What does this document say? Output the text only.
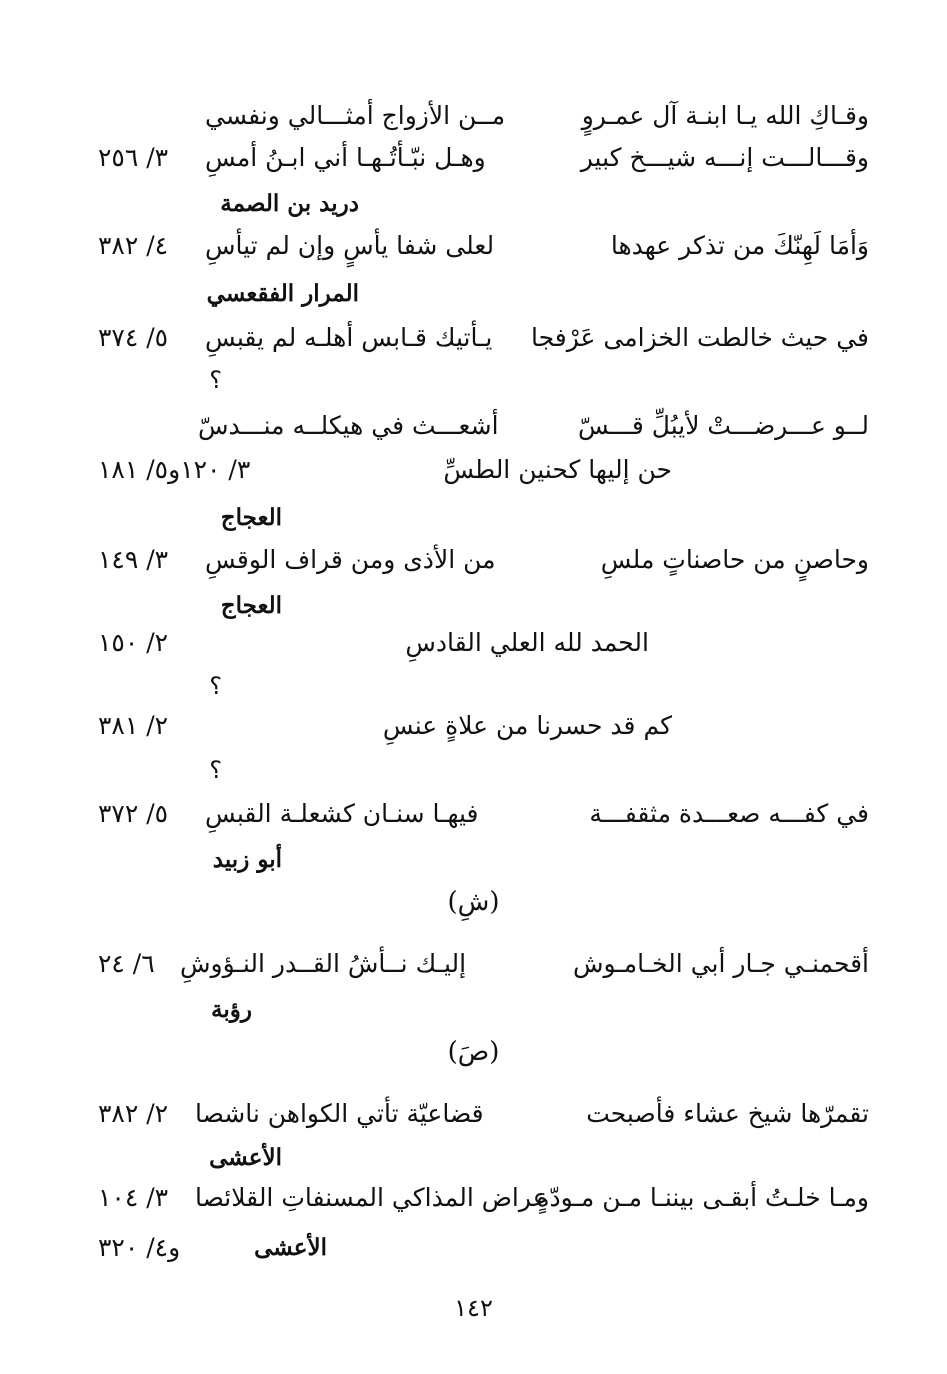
وقـاكِ الله يـا ابنـة آل عمـروٍ
مــن الأزواج أمثـــالي ونفسي
وقـــالـــت إنـــه شيـــخ كبير
وهـل نبّـأتُـهـا أني ابـنُ أمسِ
٣/ ٢٥٦
دريد بن الصمة
وَأمَا لَهِنّكَ من تذكر عهدها
لعلى شفا يأسٍ وإن لم تيأسِ
٤/ ٣٨٢
المرار الفقعسي
في حيث خالطت الخزامى عَرْفجا
يـأتيك قـابس أهلـه لم يقبسِ
٥/ ٣٧٤
؟
لــو عـــرضـــتْ لأيبُلِّ قـــسّ
أشعـــث في هيكلــه منـــدسّ
حن إليها كحنين الطسِّ
٣/ ١٢٠و٥/ ١٨١
العجاج
وحاصنٍ من حاصناتٍ ملسِ
من الأذى ومن قراف الوقسِ
٣/ ١٤٩
العجاج
الحمد لله العلي القادسِ
٢/ ١٥٠
؟
كم قد حسرنا من علاةٍ عنسِ
٢/ ٣٨١
؟
في كفـــه صعـــدة مثقفـــة
فيهـا سنـان كشعلـة القبسِ
٥/ ٣٧٢
أبو زبيد
(شِ)
أقحمنـي جـار أبي الخـامـوش
إليـك نــأشُ القــدر النـؤوشِ
٦/ ٢٤
رؤبة
(صَ)
تقمرّها شيخ عشاء فأصبحت
قضاعيّة تأتي الكواهن ناشصا
٢/ ٣٨٢
الأعشى
ومـا خلـتُ أبقـى بيننـا مـن مـودّةٍ
عراض المذاكي المسنفاتِ القلائصا
٣/ ١٠٤
الأعشى
و٤/ ٣٢٠
١٤٢
